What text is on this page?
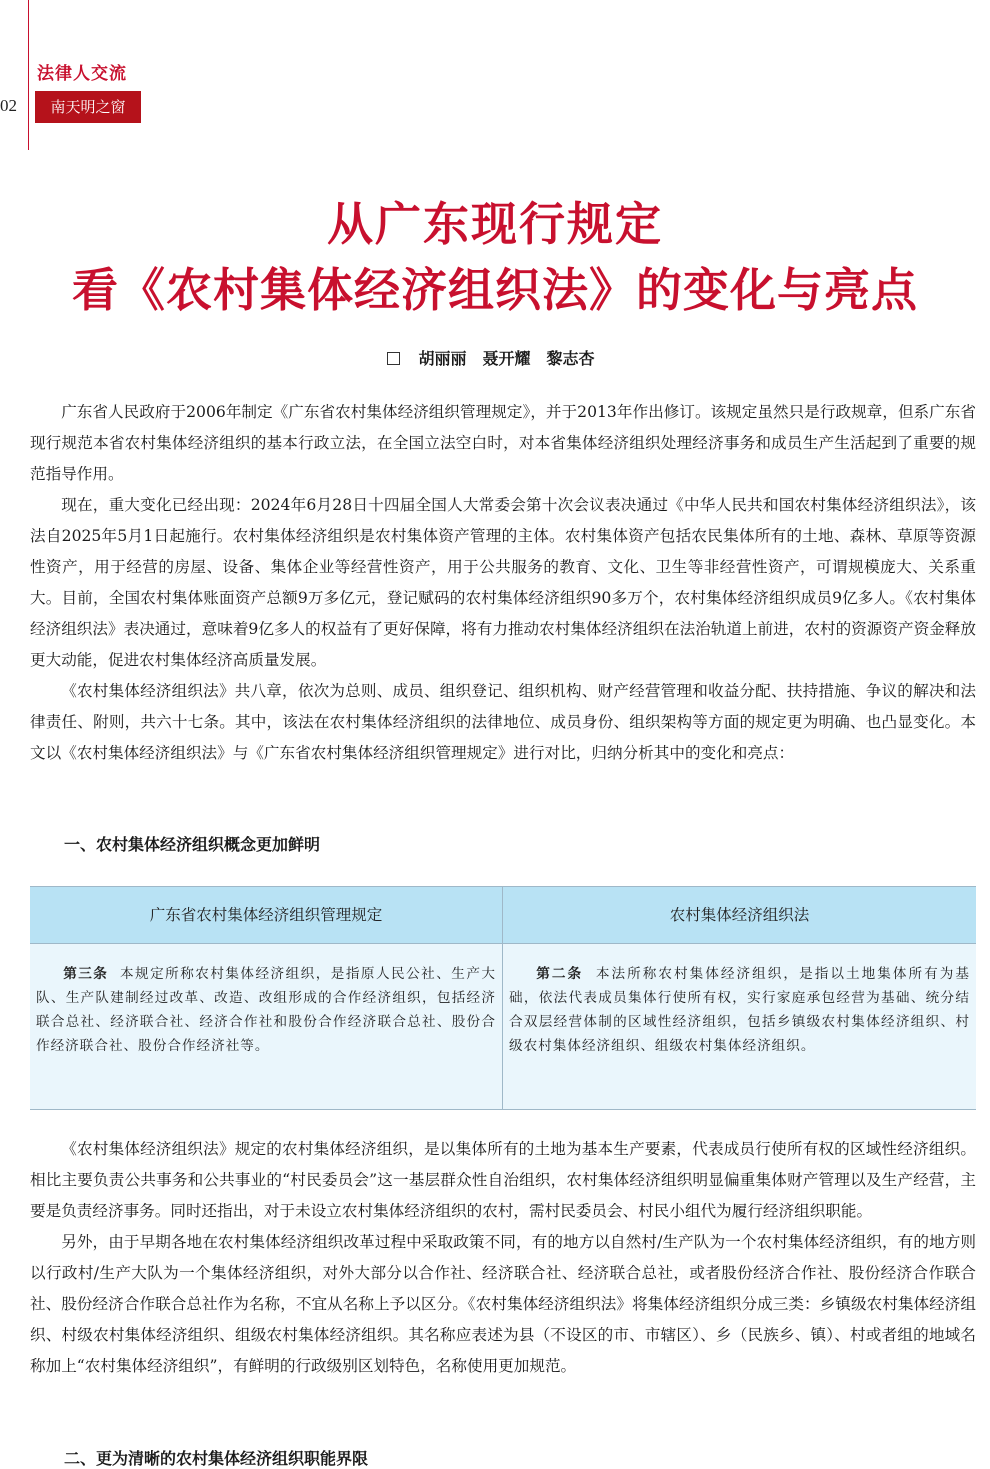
02
法律人交流
南天明之窗
从广东现行规定
看《农村集体经济组织法》的变化与亮点
胡丽丽 聂开耀 黎志杏

广东省人民政府于2006年制定《广东省农村集体经济组织管理规定》，并于2013年作出修订。该规定虽然只是行政规章，但系广东省现行规范本省农村集体经济组织的基本行政立法，在全国立法空白时，对本省集体经济组织处理经济事务和成员生产生活起到了重要的规范指导作用。

现在，重大变化已经出现：2024年6月28日十四届全国人大常委会第十次会议表决通过《中华人民共和国农村集体经济组织法》，该法自2025年5月1日起施行。农村集体经济组织是农村集体资产管理的主体。农村集体资产包括农民集体所有的土地、森林、草原等资源性资产，用于经营的房屋、设备、集体企业等经营性资产，用于公共服务的教育、文化、卫生等非经营性资产，可谓规模庞大、关系重大。目前，全国农村集体账面资产总额9万多亿元，登记赋码的农村集体经济组织90多万个，农村集体经济组织成员9亿多人。《农村集体经济组织法》表决通过，意味着9亿多人的权益有了更好保障，将有力推动农村集体经济组织在法治轨道上前进，农村的资源资产资金释放更大动能，促进农村集体经济高质量发展。

《农村集体经济组织法》共八章，依次为总则、成员、组织登记、组织机构、财产经营管理和收益分配、扶持措施、争议的解决和法律责任、附则，共六十七条。其中，该法在农村集体经济组织的法律地位、成员身份、组织架构等方面的规定更为明确、也凸显变化。本文以《农村集体经济组织法》与《广东省农村集体经济组织管理规定》进行对比，归纳分析其中的变化和亮点：

一、农村集体经济组织概念更加鲜明
广东省农村集体经济组织管理规定	农村集体经济组织法

第三条 本规定所称农村集体经济组织，是指原人民公社、生产大队、生产队建制经过改革、改造、改组形成的合作经济组织，包括经济联合总社、经济联合社、经济合作社和股份合作经济联合总社、股份合作经济联合社、股份合作经济社等。

第二条 本法所称农村集体经济组织，是指以土地集体所有为基础，依法代表成员集体行使所有权，实行家庭承包经营为基础、统分结合双层经营体制的区域性经济组织，包括乡镇级农村集体经济组织、村级农村集体经济组织、组级农村集体经济组织。

《农村集体经济组织法》规定的农村集体经济组织，是以集体所有的土地为基本生产要素，代表成员行使所有权的区域性经济组织。相比主要负责公共事务和公共事业的“村民委员会”这一基层群众性自治组织，农村集体经济组织明显偏重集体财产管理以及生产经营，主要是负责经济事务。同时还指出，对于未设立农村集体经济组织的农村，需村民委员会、村民小组代为履行经济组织职能。

另外，由于早期各地在农村集体经济组织改革过程中采取政策不同，有的地方以自然村/生产队为一个农村集体经济组织，有的地方则以行政村/生产大队为一个集体经济组织，对外大部分以合作社、经济联合社、经济联合总社，或者股份经济合作社、股份经济合作联合社、股份经济合作联合总社作为名称，不宜从名称上予以区分。《农村集体经济组织法》将集体经济组织分成三类：乡镇级农村集体经济组织、村级农村集体经济组织、组级农村集体经济组织。其名称应表述为县（不设区的市、市辖区）、乡（民族乡、镇）、村或者组的地域名称加上“农村集体经济组织”，有鲜明的行政级别区划特色，名称使用更加规范。

二、更为清晰的农村集体经济组织职能界限
